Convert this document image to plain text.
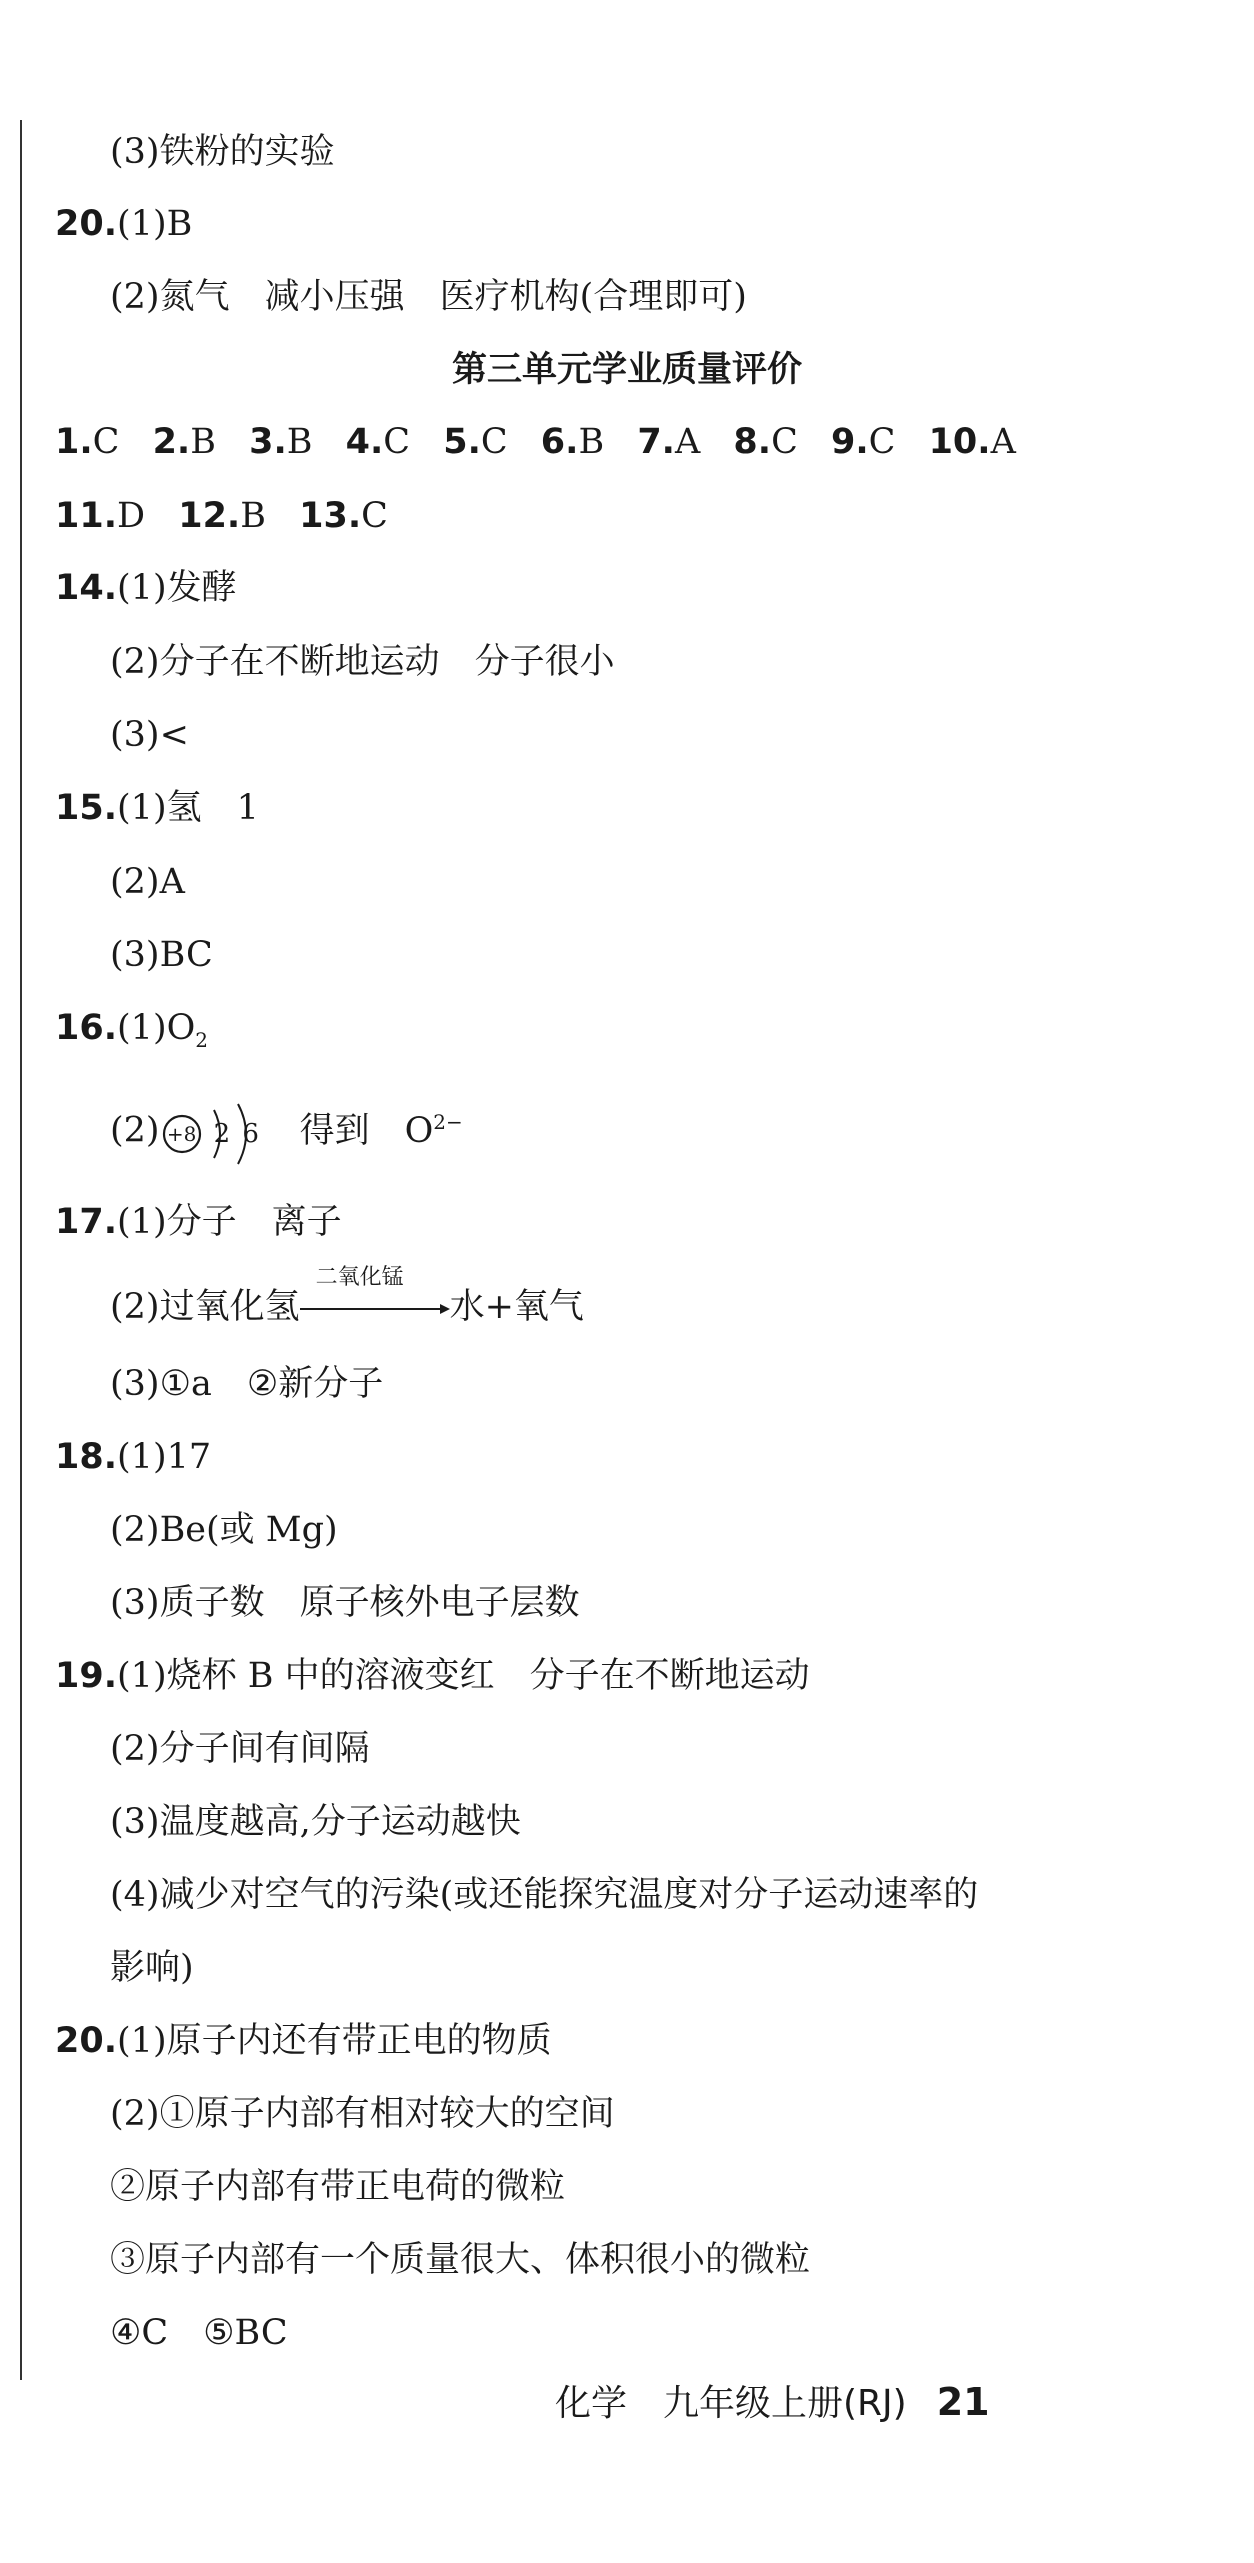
(3)铁粉的实验
20.(1)B
(2)氮气　减小压强　医疗机构(合理即可)
第三单元学业质量评价
1.C 2.B 3.B 4.C 5.C 6.B 7.A 8.C 9.C 10.A
11.D 12.B 13.C
14.(1)发酵
(2)分子在不断地运动　分子很小
(3)<
15.(1)氢　1
(2)A
(3)BC
$16.(1)O_2$
(2) +8 2 6 得到　$O^{2-}$
17.(1)分子　离子
(2)过氧化氢
二氧化锰
水+氧气
(3)①a　②新分子
18.(1)17
(2)Be(或 Mg)
(3)质子数　原子核外电子层数
19.(1)烧杯 B 中的溶液变红　分子在不断地运动
(2)分子间有间隔
(3)温度越高,分子运动越快
(4)减少对空气的污染(或还能探究温度对分子运动速率的
影响)
20.(1)原子内还有带正电的物质
(2)①原子内部有相对较大的空间
②原子内部有带正电荷的微粒
③原子内部有一个质量很大、体积很小的微粒
④C　⑤BC
化学　九年级上册(RJ) 21
